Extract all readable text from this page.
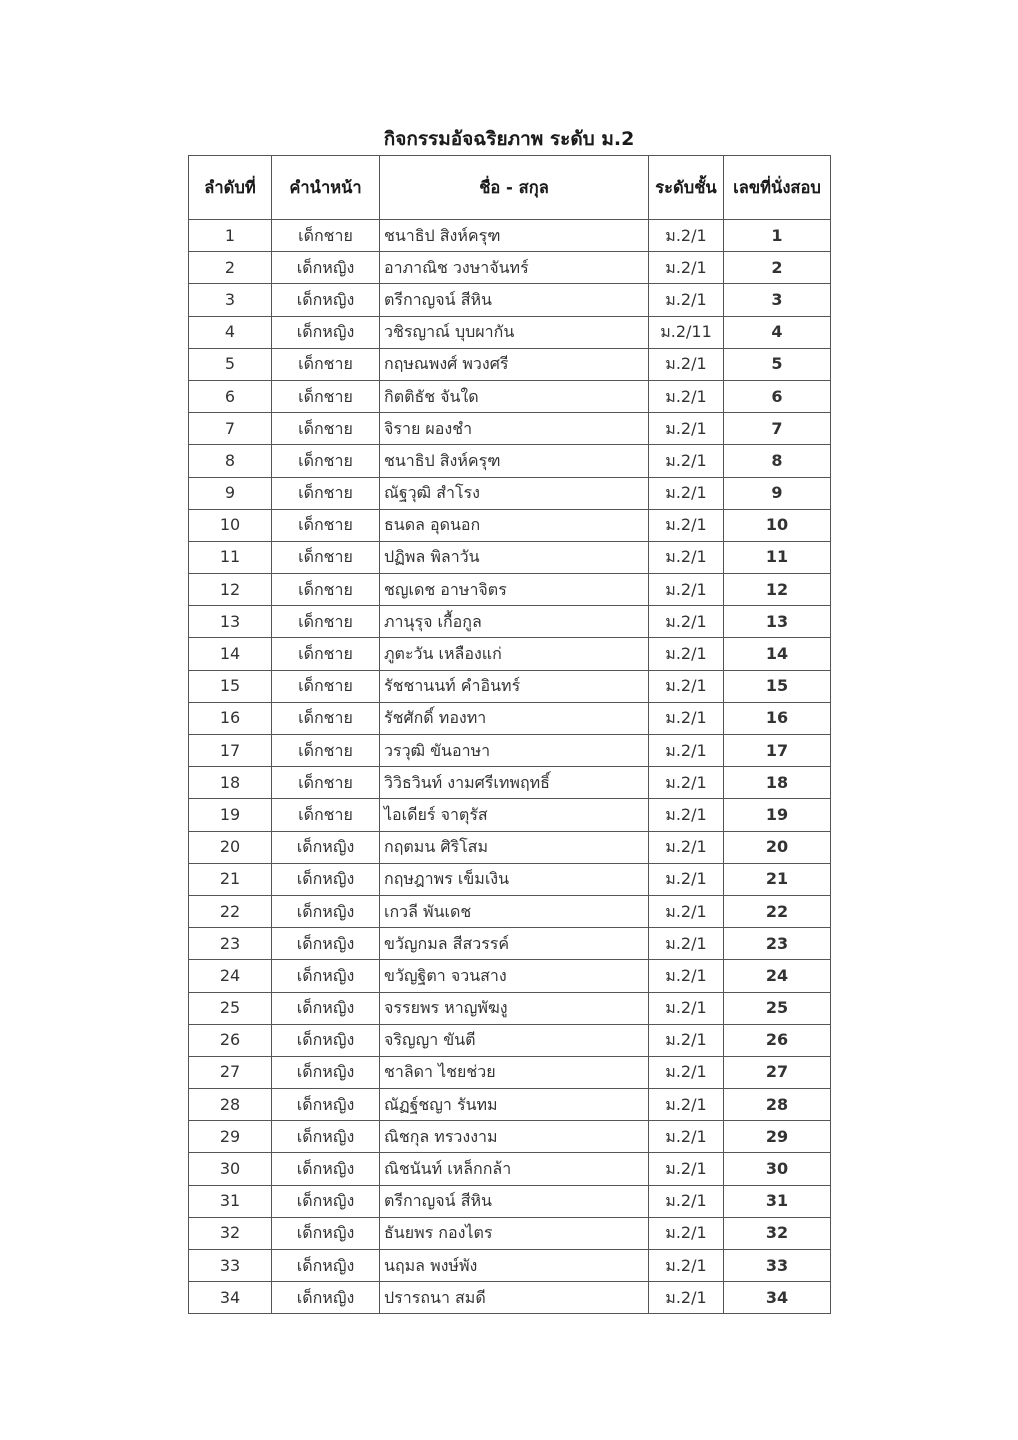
กิจกรรมอัจฉริยภาพ ระดับ ม.2
ลำดับที่	คำนำหน้า	ชื่อ - สกุล	ระดับชั้น	เลขที่นั่งสอบ
1	เด็กชาย	ชนาธิป สิงห์ครุฑ	ม.2/1	1
2	เด็กหญิง	อาภาณิช วงษาจันทร์	ม.2/1	2
3	เด็กหญิง	ตรีกาญจน์ สีหิน	ม.2/1	3
4	เด็กหญิง	วชิรญาณ์ บุบผากัน	ม.2/11	4
5	เด็กชาย	กฤษณพงศ์ พวงศรี	ม.2/1	5
6	เด็กชาย	กิตติธัช จันใด	ม.2/1	6
7	เด็กชาย	จิราย ผองชำ	ม.2/1	7
8	เด็กชาย	ชนาธิป สิงห์ครุฑ	ม.2/1	8
9	เด็กชาย	ณัฐวุฒิ สำโรง	ม.2/1	9
10	เด็กชาย	ธนดล อุดนอก	ม.2/1	10
11	เด็กชาย	ปฏิพล พิลาวัน	ม.2/1	11
12	เด็กชาย	ชญเดช อาษาจิตร	ม.2/1	12
13	เด็กชาย	ภานุรุจ เกื้อกูล	ม.2/1	13
14	เด็กชาย	ภูตะวัน เหลืองแก่	ม.2/1	14
15	เด็กชาย	รัชชานนท์ คำอินทร์	ม.2/1	15
16	เด็กชาย	รัชศักดิ์ ทองทา	ม.2/1	16
17	เด็กชาย	วรวุฒิ ขันอาษา	ม.2/1	17
18	เด็กชาย	วิวิธวินท์ งามศรีเทพฤทธิ์	ม.2/1	18
19	เด็กชาย	ไอเดียร์ จาตุรัส	ม.2/1	19
20	เด็กหญิง	กฤตมน ศิริโสม	ม.2/1	20
21	เด็กหญิง	กฤษฎาพร เข็มเงิน	ม.2/1	21
22	เด็กหญิง	เกวลี พันเดช	ม.2/1	22
23	เด็กหญิง	ขวัญกมล สีสวรรค์	ม.2/1	23
24	เด็กหญิง	ขวัญฐิตา จวนสาง	ม.2/1	24
25	เด็กหญิง	จรรยพร หาญพัฆงู	ม.2/1	25
26	เด็กหญิง	จริญญา ขันตี	ม.2/1	26
27	เด็กหญิง	ชาลิดา ไชยช่วย	ม.2/1	27
28	เด็กหญิง	ณัฏฐ์ชญา รันทม	ม.2/1	28
29	เด็กหญิง	ณิชกุล ทรวงงาม	ม.2/1	29
30	เด็กหญิง	ณิชนันท์ เหล็กกล้า	ม.2/1	30
31	เด็กหญิง	ตรีกาญจน์ สีหิน	ม.2/1	31
32	เด็กหญิง	ธันยพร กองไตร	ม.2/1	32
33	เด็กหญิง	นฤมล พงษ์พัง	ม.2/1	33
34	เด็กหญิง	ปรารถนา สมดี	ม.2/1	34
